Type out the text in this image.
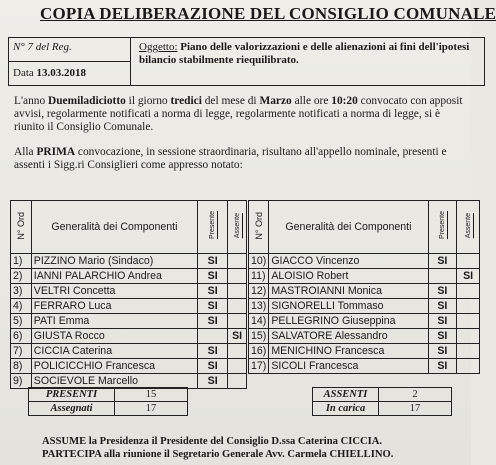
COPIA DELIBERAZIONE DEL CONSIGLIO COMUNALE
N° 7 del Reg.
Data 13.03.2018
Oggetto: Piano delle valorizzazioni e delle alienazioni ai fini dell'ipotesi
bilancio stabilmente riequilibrato.
L'anno Duemiladiciotto il giorno tredici del mese di Marzo alle ore 10:20 convocato con apposit
avvisi, regolarmente notificati a norma di legge, regolarmente notificati a norma di legge, si è
riunito il Consiglio Comunale.
Alla PRIMA convocazione, in sessione straordinaria, risultano all'appello nominale, presenti e
assenti i Sigg.ri Consiglieri come appresso notato:
N° Ord	Generalità dei Componenti	Presente	Assente
1)	PIZZINO Mario (Sindaco)	SI	
2)	IANNI PALARCHIO Andrea	SI	
3)	VELTRI Concetta	SI	
4)	FERRARO Luca	SI	
5)	PATI Emma	SI	
6)	GIUSTA Rocco		SI
7)	CICCIA Caterina	SI	
8)	POLICICCHIO Francesca	SI	
9)	SOCIEVOLE Marcello	SI	
N° Ord	Generalità dei Componenti	Presente	Assente
10)	GIACCO Vincenzo	SI	
11)	ALOISIO Robert		SI
12)	MASTROIANNI Monica	SI	
13)	SIGNORELLI Tommaso	SI	
14)	PELLEGRINO Giuseppina	SI	
15)	SALVATORE Alessandro	SI	
16)	MENICHINO Francesca	SI	
17)	SICOLI Francesca	SI	
PRESENTI	15
Assegnati	17
ASSENTI	2
In carica	17
ASSUME la Presidenza il Presidente del Consiglio D.ssa Caterina CICCIA.
PARTECIPA alla riunione il Segretario Generale Avv. Carmela CHIELLINO.
